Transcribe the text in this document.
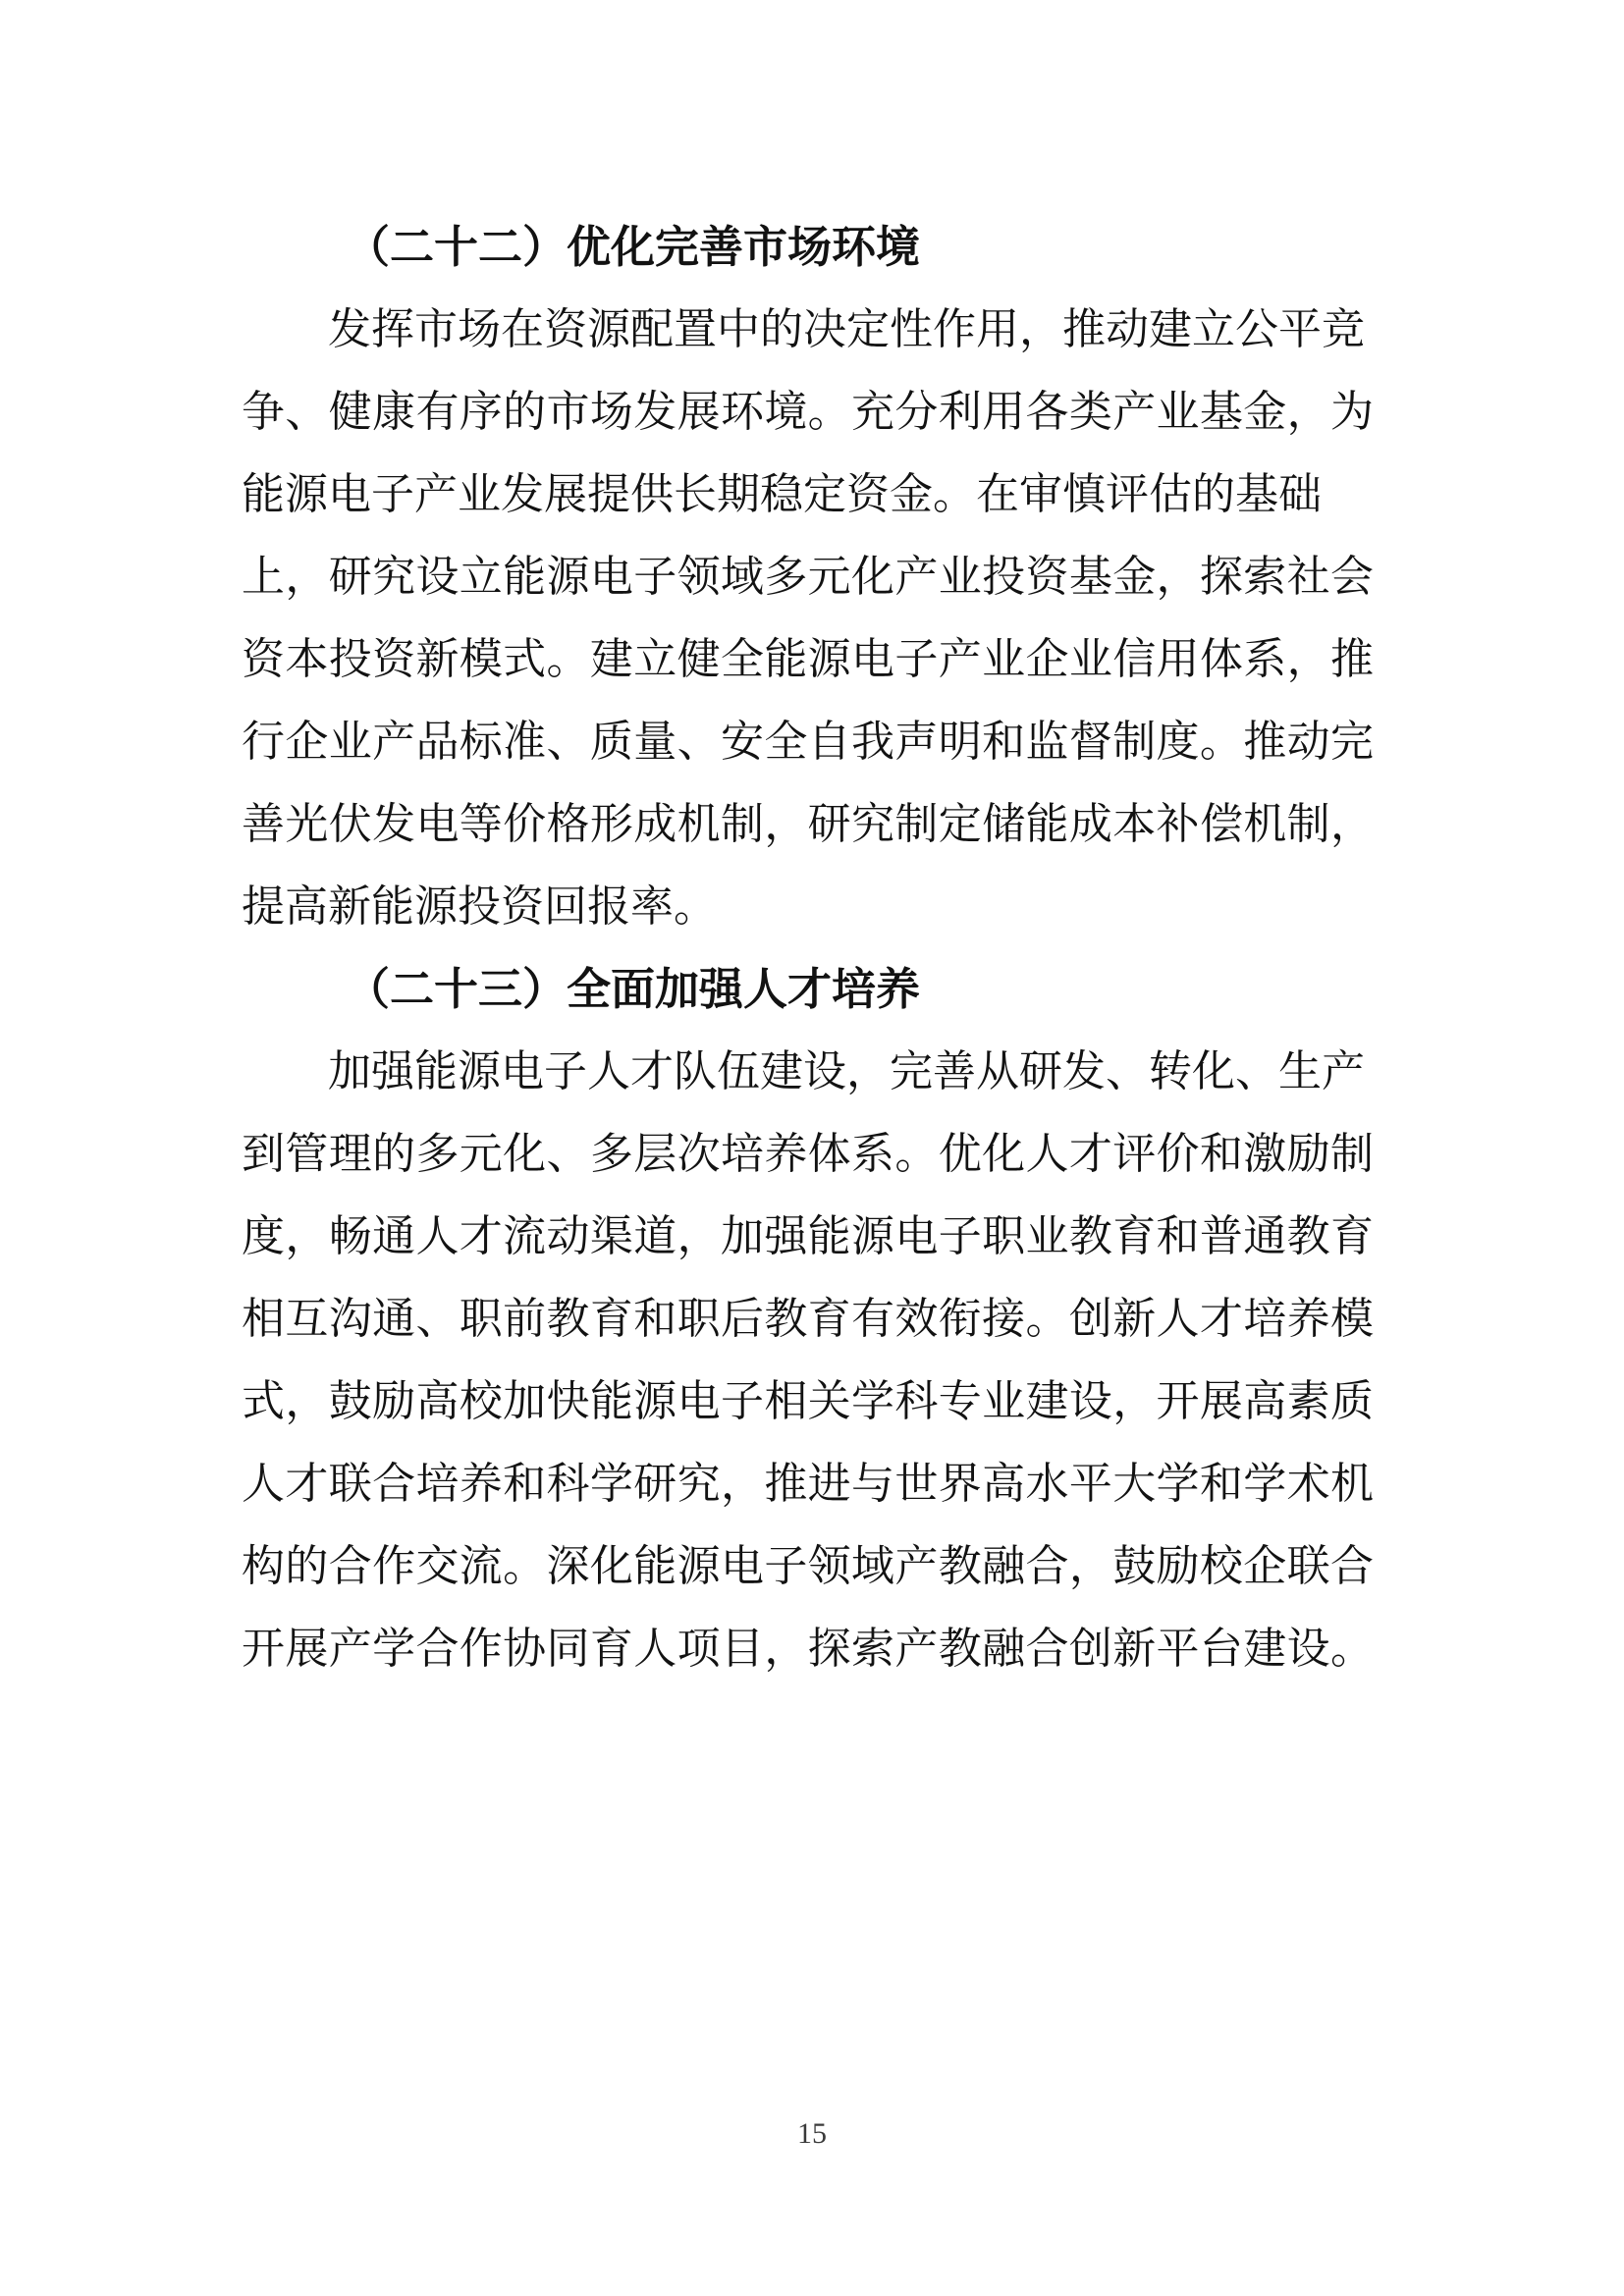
（二十二）优化完善市场环境
发挥市场在资源配置中的决定性作用，推动建立公平竞
争、健康有序的市场发展环境。充分利用各类产业基金，为
能源电子产业发展提供长期稳定资金。在审慎评估的基础
上，研究设立能源电子领域多元化产业投资基金，探索社会
资本投资新模式。建立健全能源电子产业企业信用体系，推
行企业产品标准、质量、安全自我声明和监督制度。推动完
善光伏发电等价格形成机制，研究制定储能成本补偿机制，
提高新能源投资回报率。
（二十三）全面加强人才培养
加强能源电子人才队伍建设，完善从研发、转化、生产
到管理的多元化、多层次培养体系。优化人才评价和激励制
度，畅通人才流动渠道，加强能源电子职业教育和普通教育
相互沟通、职前教育和职后教育有效衔接。创新人才培养模
式，鼓励高校加快能源电子相关学科专业建设，开展高素质
人才联合培养和科学研究，推进与世界高水平大学和学术机
构的合作交流。深化能源电子领域产教融合，鼓励校企联合
开展产学合作协同育人项目，探索产教融合创新平台建设。
15
